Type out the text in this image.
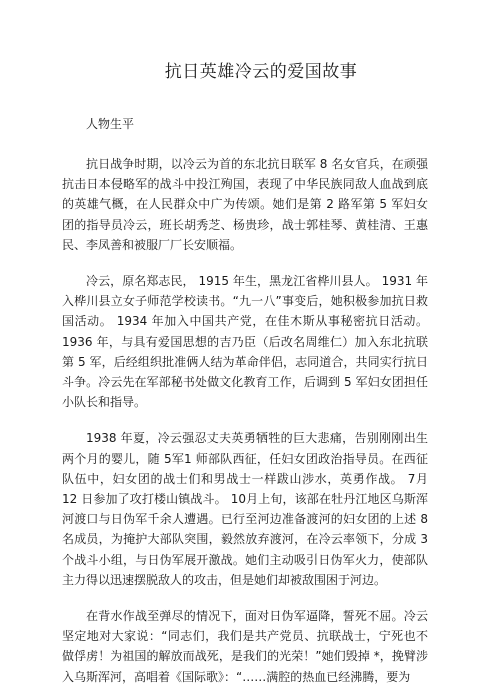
抗日英雄冷云的爱国故事
人物生平

抗日战争时期，以冷云为首的东北抗日联军 8 名女官兵，在顽强抗击日本侵略军的战斗中投江殉国，表现了中华民族同敌人血战到底的英雄气概，在人民群众中广为传颂。她们是第 2 路军第 5 军妇女团的指导员冷云，班长胡秀芝、杨贵珍，战士郭桂琴、黄桂清、王惠民、李凤善和被服厂厂长安顺福。

冷云，原名郑志民， 1915 年生，黑龙江省桦川县人。 1931 年入桦川县立女子师范学校读书。“九一八”事变后，她积极参加抗日救国活动。 1934 年加入中国共产党，在佳木斯从事秘密抗日活动。 1936 年，与具有爱国思想的吉乃臣（后改名周维仁）加入东北抗联第 5 军，后经组织批准俩人结为革命伴侣，志同道合，共同实行抗日斗争。冷云先在军部秘书处做文化教育工作，后调到 5 军妇女团担任小队长和指导。

1938 年夏，冷云强忍丈夫英勇牺牲的巨大悲痛，告别刚刚出生两个月的婴儿，随 5军1 师部队西征，任妇女团政治指导员。在西征队伍中，妇女团的战士们和男战士一样跋山涉水，英勇作战。 7月 12 日参加了攻打楼山镇战斗。 10月上旬，该部在牡丹江地区乌斯浑河渡口与日伪军千余人遭遇。已行至河边准备渡河的妇女团的上述 8 名成员，为掩护大部队突围，毅然放弃渡河，在冷云率领下，分成 3 个战斗小组，与日伪军展开激战。她们主动吸引日伪军火力，使部队主力得以迅速摆脱敌人的攻击，但是她们却被敌围困于河边。

在背水作战至弹尽的情况下，面对日伪军逼降，誓死不屈。冷云坚定地对大家说：“同志们，我们是共产党员、抗联战士，宁死也不做俘虏！为祖国的解放而战死，是我们的光荣！”她们毁掉 *，挽臂涉入乌斯浑河，高唱着《国际歌》：“……满腔的热血已经沸腾，要为
